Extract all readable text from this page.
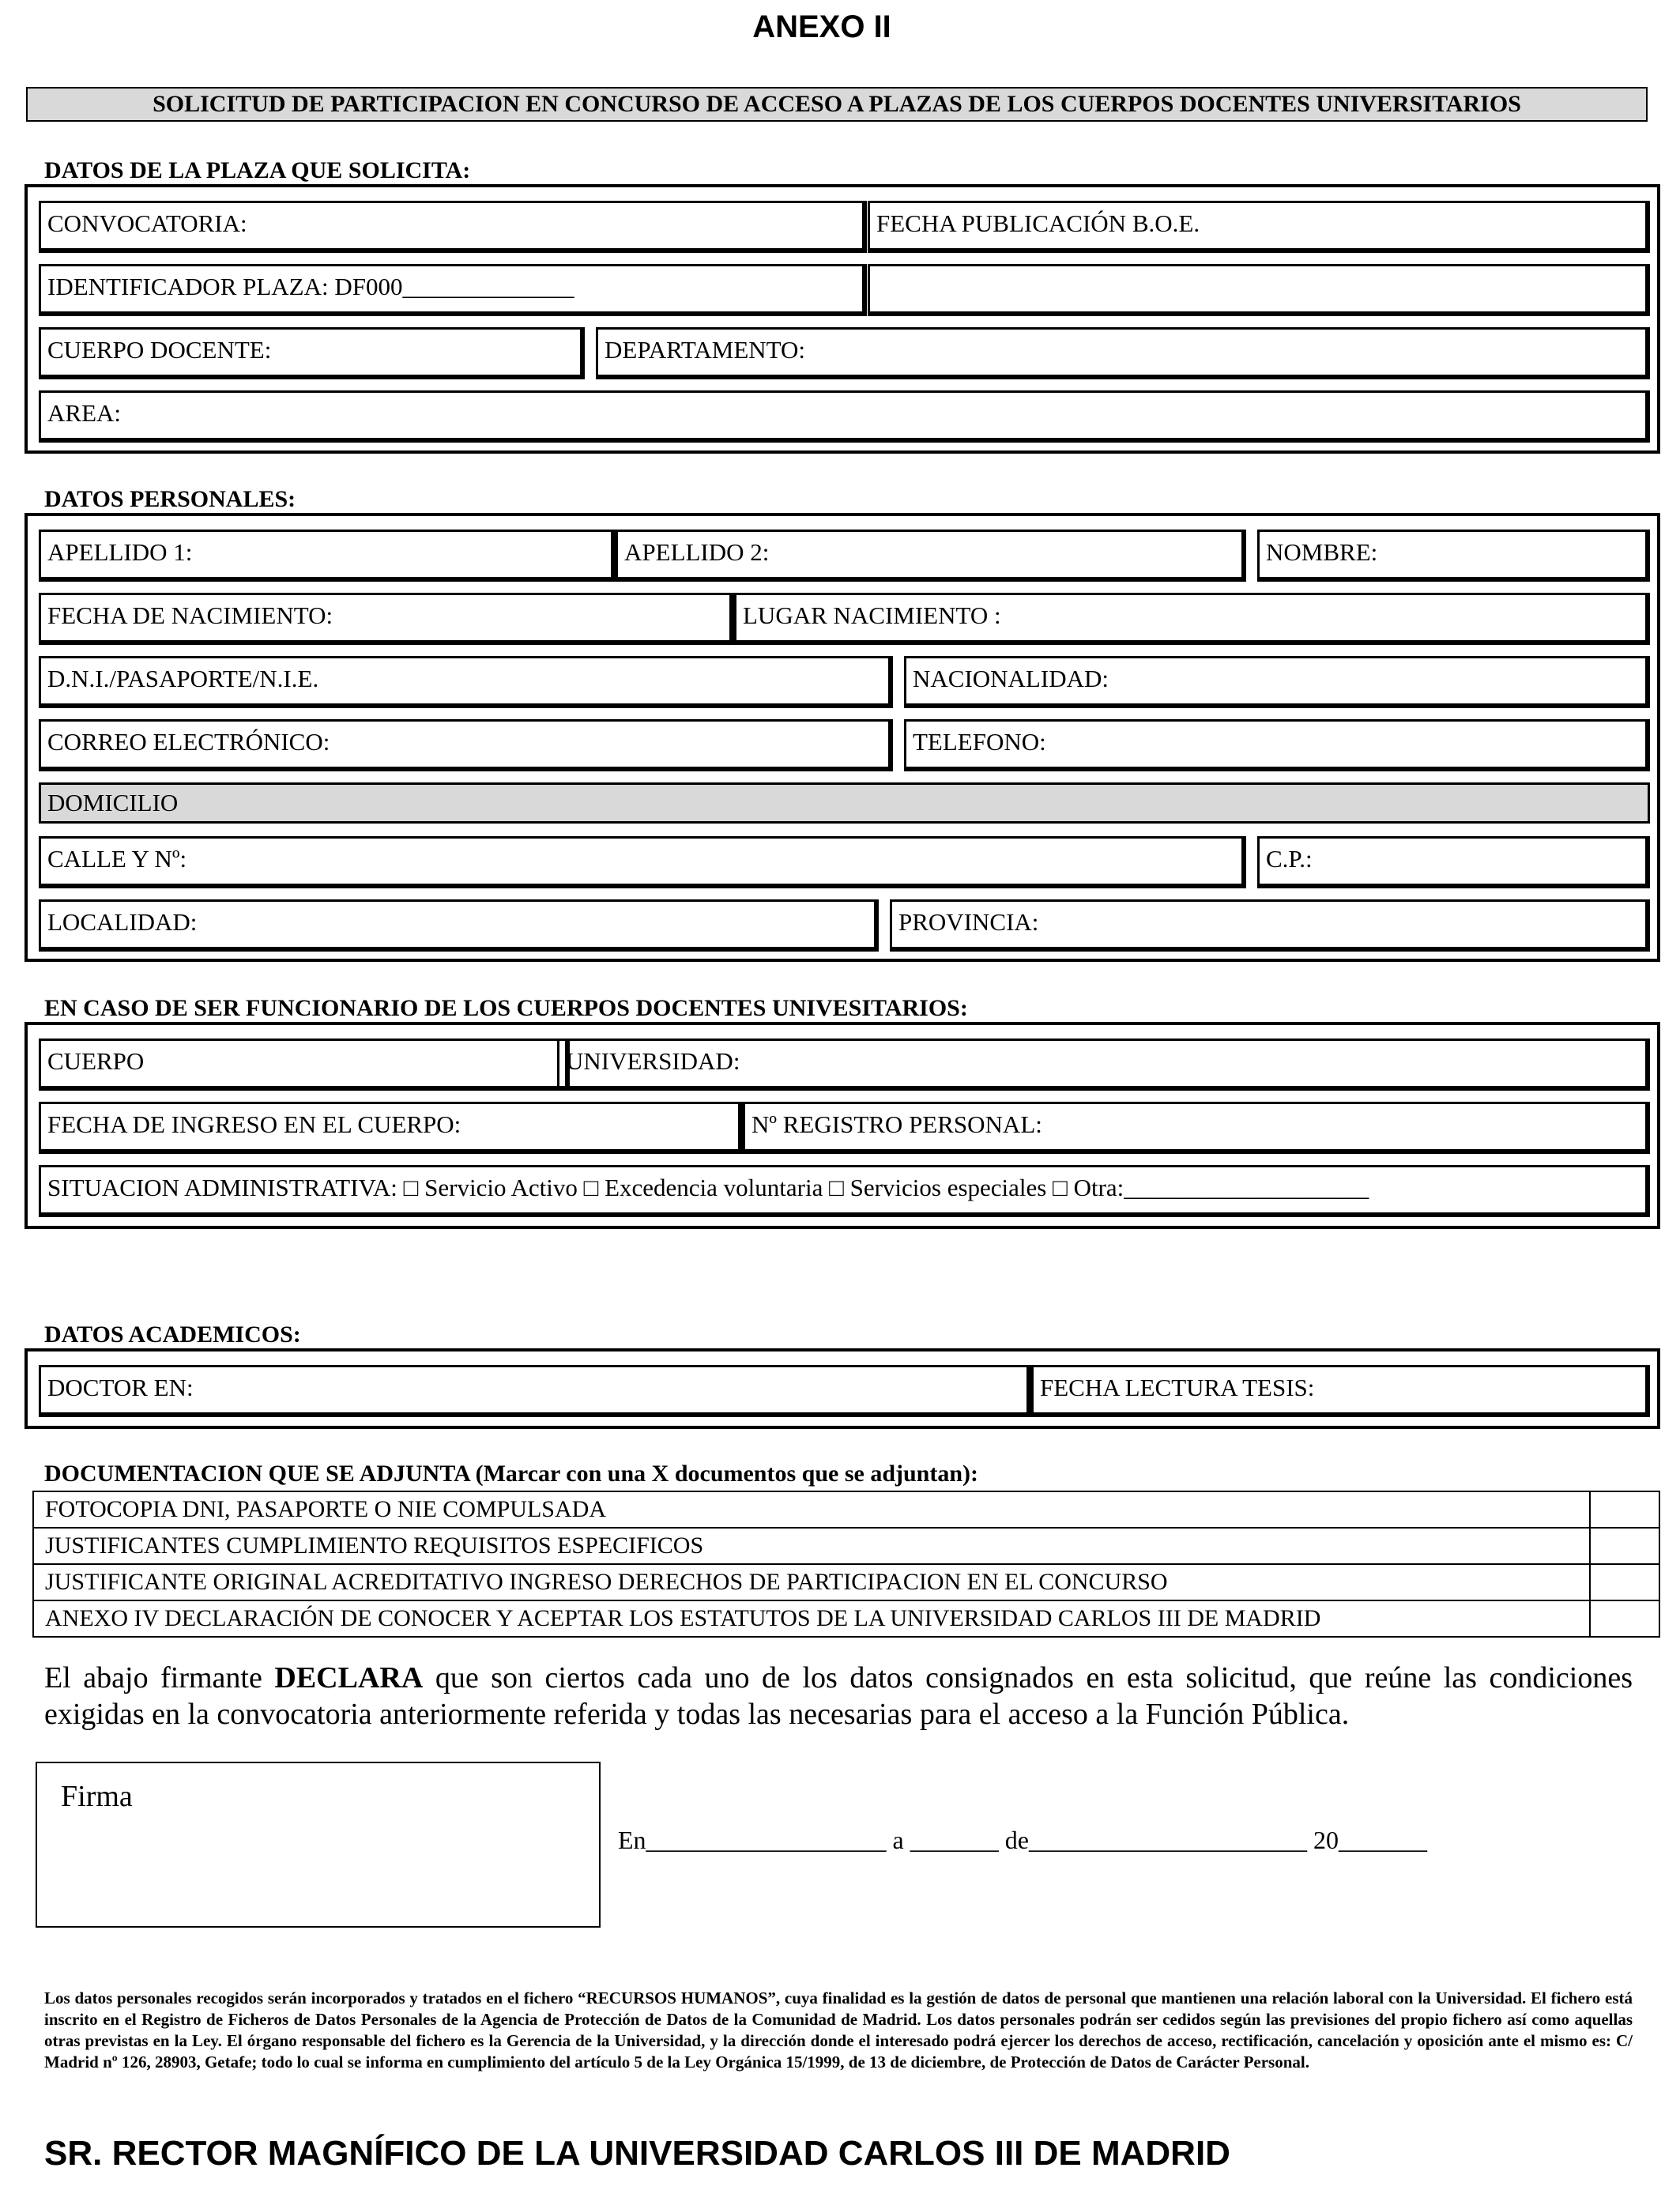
ANEXO II
SOLICITUD DE PARTICIPACION EN CONCURSO DE ACCESO A PLAZAS DE LOS CUERPOS DOCENTES UNIVERSITARIOS
DATOS DE LA PLAZA QUE SOLICITA:
CONVOCATORIA:	FECHA PUBLICACIÓN B.O.E.
IDENTIFICADOR PLAZA: DF000______________
CUERPO DOCENTE:	DEPARTAMENTO:
AREA:
DATOS PERSONALES:
APELLIDO 1:	APELLIDO 2:	NOMBRE:
FECHA DE NACIMIENTO:	LUGAR NACIMIENTO :
D.N.I./PASAPORTE/N.I.E.	NACIONALIDAD:
CORREO ELECTRÓNICO:	TELEFONO:
DOMICILIO
CALLE Y Nº:	C.P.:
LOCALIDAD:	PROVINCIA:
EN CASO DE SER FUNCIONARIO DE LOS CUERPOS DOCENTES UNIVESITARIOS:
CUERPO	UNIVERSIDAD:
FECHA DE INGRESO EN EL CUERPO:	Nº REGISTRO PERSONAL:
SITUACION ADMINISTRATIVA: □ Servicio Activo □ Excedencia voluntaria □ Servicios especiales □ Otra:____________________
DATOS ACADEMICOS:
DOCTOR EN:	FECHA LECTURA TESIS:
DOCUMENTACION QUE SE ADJUNTA (Marcar con una X documentos que se adjuntan):
FOTOCOPIA DNI, PASAPORTE O NIE COMPULSADA	
JUSTIFICANTES CUMPLIMIENTO REQUISITOS ESPECIFICOS	
JUSTIFICANTE ORIGINAL ACREDITATIVO INGRESO DERECHOS DE PARTICIPACION EN EL CONCURSO	
ANEXO IV DECLARACIÓN DE CONOCER Y ACEPTAR LOS ESTATUTOS DE LA UNIVERSIDAD CARLOS III DE MADRID	
El abajo firmante DECLARA que son ciertos cada uno de los datos consignados en esta solicitud, que reúne las condiciones exigidas en la convocatoria anteriormente referida y todas las necesarias para el acceso a la Función Pública.
Firma
En___________________ a _______ de______________________ 20_______
Los datos personales recogidos serán incorporados y tratados en el fichero “RECURSOS HUMANOS”, cuya finalidad es la gestión de datos de personal que mantienen una relación laboral con la Universidad. El fichero está inscrito en el Registro de Ficheros de Datos Personales de la Agencia de Protección de Datos de la Comunidad de Madrid. Los datos personales podrán ser cedidos según las previsiones del propio fichero así como aquellas otras previstas en la Ley. El órgano responsable del fichero es la Gerencia de la Universidad, y la dirección donde el interesado podrá ejercer los derechos de acceso, rectificación, cancelación y oposición ante el mismo es: C/ Madrid nº 126, 28903, Getafe; todo lo cual se informa en cumplimiento del artículo 5 de la Ley Orgánica 15/1999, de 13 de diciembre, de Protección de Datos de Carácter Personal.
SR. RECTOR MAGNÍFICO DE LA UNIVERSIDAD CARLOS III DE MADRID
